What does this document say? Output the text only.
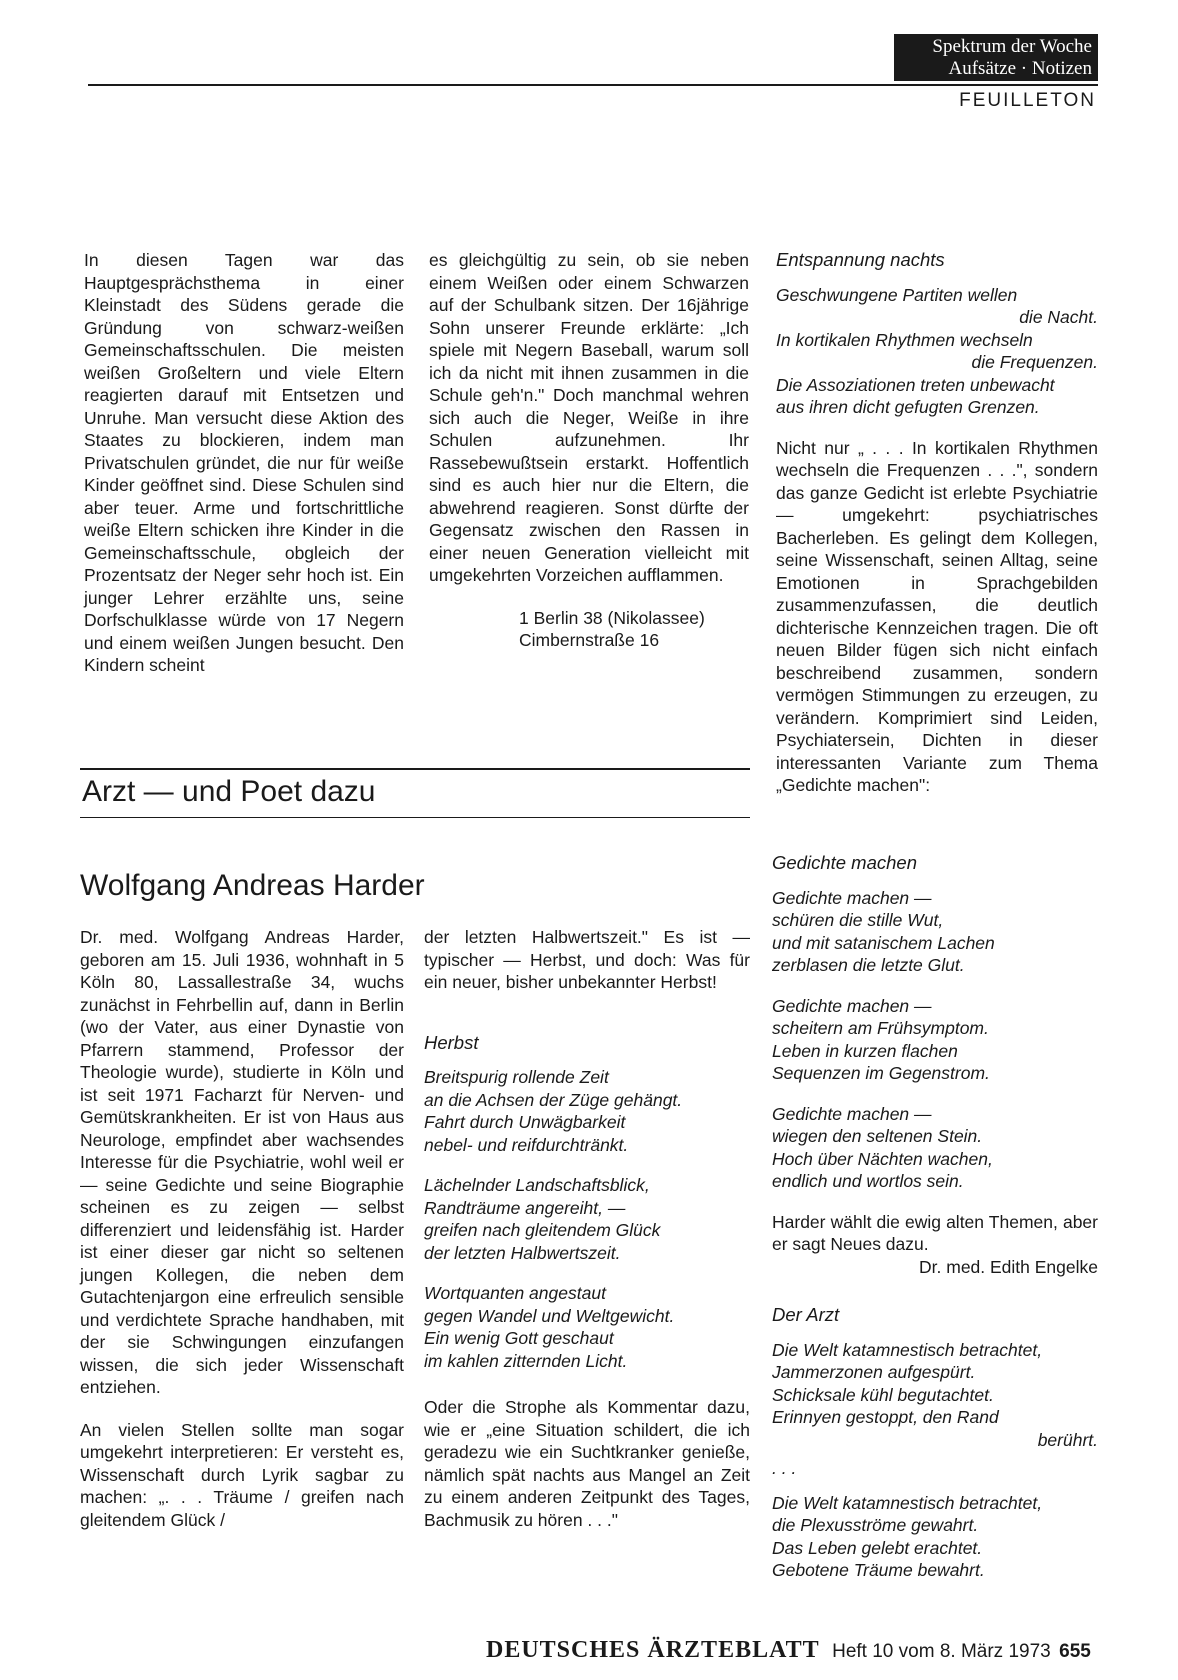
Spektrum der Woche
Aufsätze · Notizen
FEUILLETON

In diesen Tagen war das Hauptgesprächsthema in einer Kleinstadt des Südens gerade die Gründung von schwarz-weißen Gemeinschaftsschulen. Die meisten weißen Großeltern und viele Eltern reagierten darauf mit Entsetzen und Unruhe. Man versucht diese Aktion des Staates zu blockieren, indem man Privatschulen gründet, die nur für weiße Kinder geöffnet sind. Diese Schulen sind aber teuer. Arme und fortschrittliche weiße Eltern schicken ihre Kinder in die Gemeinschaftsschule, obgleich der Prozentsatz der Neger sehr hoch ist. Ein junger Lehrer erzählte uns, seine Dorfschulklasse würde von 17 Negern und einem weißen Jungen besucht. Den Kindern scheint

es gleichgültig zu sein, ob sie neben einem Weißen oder einem Schwarzen auf der Schulbank sitzen. Der 16jährige Sohn unserer Freunde erklärte: „Ich spiele mit Negern Baseball, warum soll ich da nicht mit ihnen zusammen in die Schule geh'n." Doch manchmal wehren sich auch die Neger, Weiße in ihre Schulen aufzunehmen. Ihr Rassebewußtsein erstarkt. Hoffentlich sind es auch hier nur die Eltern, die abwehrend reagieren. Sonst dürfte der Gegensatz zwischen den Rassen in einer neuen Generation vielleicht mit umgekehrten Vorzeichen aufflammen.

1 Berlin 38 (Nikolassee)
Cimbernstraße 16
Arzt — und Poet dazu
Wolfgang Andreas Harder
Entspannung nachts
Geschwungene Partiten wellen
die Nacht.
In kortikalen Rhythmen wechseln
die Frequenzen.
Die Assoziationen treten unbewacht
aus ihren dicht gefugten Grenzen.

Nicht nur „ . . . In kortikalen Rhythmen wechseln die Frequenzen . . .", sondern das ganze Gedicht ist erlebte Psychiatrie — umgekehrt: psychiatrisches Bacherleben. Es gelingt dem Kollegen, seine Wissenschaft, seinen Alltag, seine Emotionen in Sprachgebilden zusammenzufassen, die deutlich dichterische Kennzeichen tragen. Die oft neuen Bilder fügen sich nicht einfach beschreibend zusammen, sondern vermögen Stimmungen zu erzeugen, zu verändern. Komprimiert sind Leiden, Psychiatersein, Dichten in dieser interessanten Variante zum Thema „Gedichte machen":

Dr. med. Wolfgang Andreas Harder, geboren am 15. Juli 1936, wohnhaft in 5 Köln 80, Lassallestraße 34, wuchs zunächst in Fehrbellin auf, dann in Berlin (wo der Vater, aus einer Dynastie von Pfarrern stammend, Professor der Theologie wurde), studierte in Köln und ist seit 1971 Facharzt für Nerven- und Gemütskrankheiten. Er ist von Haus aus Neurologe, empfindet aber wachsendes Interesse für die Psychiatrie, wohl weil er — seine Gedichte und seine Biographie scheinen es zu zeigen — selbst differenziert und leidensfähig ist. Harder ist einer dieser gar nicht so seltenen jungen Kollegen, die neben dem Gutachtenjargon eine erfreulich sensible und verdichtete Sprache handhaben, mit der sie Schwingungen einzufangen wissen, die sich jeder Wissenschaft entziehen.

An vielen Stellen sollte man sogar umgekehrt interpretieren: Er versteht es, Wissenschaft durch Lyrik sagbar zu machen: „. . . Träume / greifen nach gleitendem Glück /

der letzten Halbwertszeit." Es ist — typischer — Herbst, und doch: Was für ein neuer, bisher unbekannter Herbst!

Herbst
Breitspurig rollende Zeit
an die Achsen der Züge gehängt.
Fahrt durch Unwägbarkeit
nebel- und reifdurchtränkt.
Lächelnder Landschaftsblick,
Randträume angereiht, —
greifen nach gleitendem Glück
der letzten Halbwertszeit.
Wortquanten angestaut
gegen Wandel und Weltgewicht.
Ein wenig Gott geschaut
im kahlen zitternden Licht.

Oder die Strophe als Kommentar dazu, wie er „eine Situation schildert, die ich geradezu wie ein Suchtkranker genieße, nämlich spät nachts aus Mangel an Zeit zu einem anderen Zeitpunkt des Tages, Bachmusik zu hören . . ."

Gedichte machen
Gedichte machen —
schüren die stille Wut,
und mit satanischem Lachen
zerblasen die letzte Glut.
Gedichte machen —
scheitern am Frühsymptom.
Leben in kurzen flachen
Sequenzen im Gegenstrom.
Gedichte machen —
wiegen den seltenen Stein.
Hoch über Nächten wachen,
endlich und wortlos sein.

Harder wählt die ewig alten Themen, aber er sagt Neues dazu.

Dr. med. Edith Engelke
Der Arzt
Die Welt katamnestisch betrachtet,
Jammerzonen aufgespürt.
Schicksale kühl begutachtet.
Erinnyen gestoppt, den Rand
berührt.
. . .
Die Welt katamnestisch betrachtet,
die Plexusströme gewahrt.
Das Leben gelebt erachtet.
Gebotene Träume bewahrt.
DEUTSCHES ÄRZTEBLATT Heft 10 vom 8. März 1973 655
